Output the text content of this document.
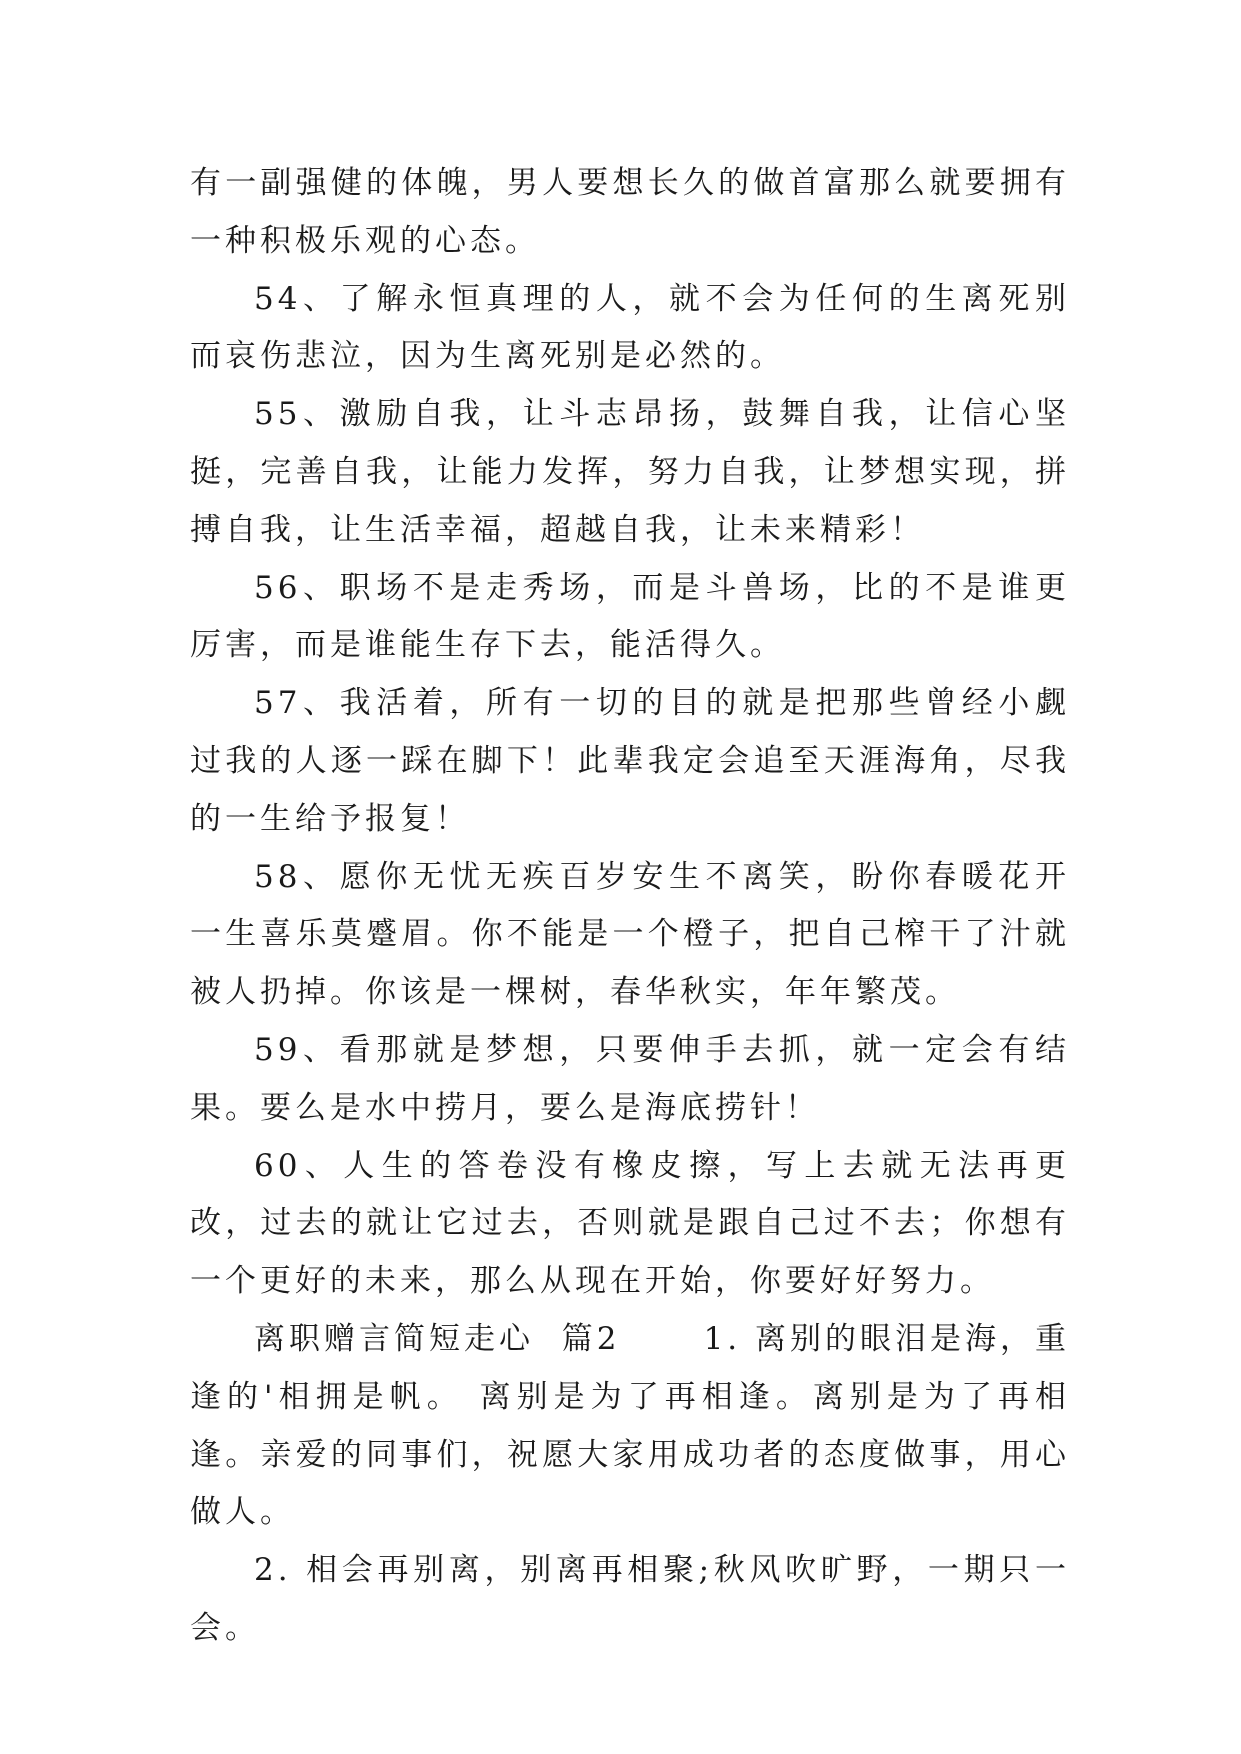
有一副强健的体魄，男人要想长久的做首富那么就要拥有一种积极乐观的心态。

54、了解永恒真理的人，就不会为任何的生离死别而哀伤悲泣，因为生离死别是必然的。

55、激励自我，让斗志昂扬，鼓舞自我，让信心坚挺，完善自我，让能力发挥，努力自我，让梦想实现，拼搏自我，让生活幸福，超越自我，让未来精彩！

56、职场不是走秀场，而是斗兽场，比的不是谁更厉害，而是谁能生存下去，能活得久。

57、我活着，所有一切的目的就是把那些曾经小觑过我的人逐一踩在脚下！此辈我定会追至天涯海角，尽我的一生给予报复！

58、愿你无忧无疾百岁安生不离笑，盼你春暖花开一生喜乐莫蹙眉。你不能是一个橙子，把自己榨干了汁就被人扔掉。你该是一棵树，春华秋实，年年繁茂。

59、看那就是梦想，只要伸手去抓，就一定会有结果。要么是水中捞月，要么是海底捞针！

60、人生的答卷没有橡皮擦，写上去就无法再更改，过去的就让它过去，否则就是跟自己过不去；你想有一个更好的未来，那么从现在开始，你要好好努力。

离职赠言简短走心  篇2      1. 离别的眼泪是海，重逢的'相拥是帆。 离别是为了再相逢。离别是为了再相逢。亲爱的同事们，祝愿大家用成功者的态度做事，用心做人。

2. 相会再别离，别离再相聚;秋风吹旷野，一期只一会。
